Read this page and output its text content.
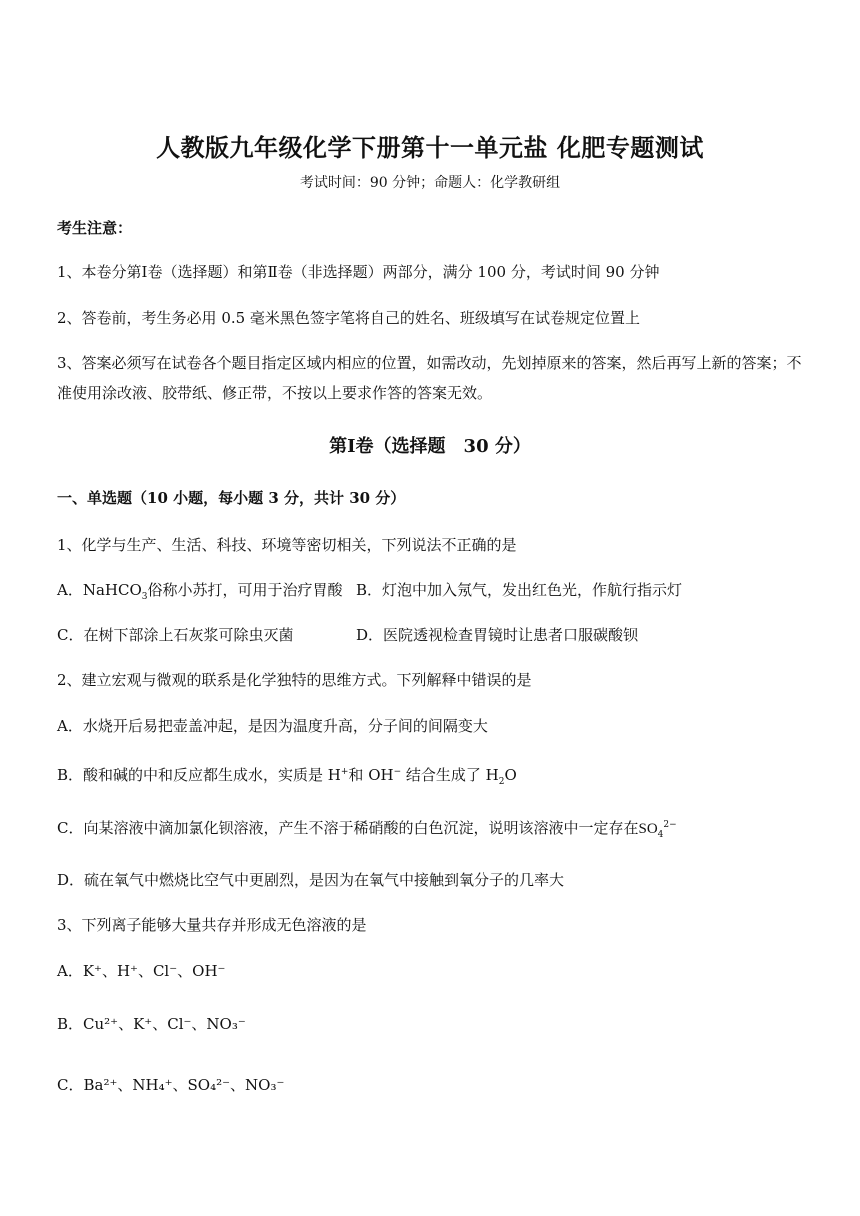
人教版九年级化学下册第十一单元盐 化肥专题测试
考试时间：90 分钟；命题人：化学教研组
考生注意：
1、本卷分第Ⅰ卷（选择题）和第Ⅱ卷（非选择题）两部分，满分 100 分，考试时间 90 分钟
2、答卷前，考生务必用 0.5 毫米黑色签字笔将自己的姓名、班级填写在试卷规定位置上
3、答案必须写在试卷各个题目指定区域内相应的位置，如需改动，先划掉原来的答案，然后再写上新的答案；不准使用涂改液、胶带纸、修正带，不按以上要求作答的答案无效。
第Ⅰ卷（选择题　30 分）
一、单选题（10 小题，每小题 3 分，共计 30 分）
1、化学与生产、生活、科技、环境等密切相关，下列说法不正确的是
A．NaHCO$_3$俗称小苏打，可用于治疗胃酸 B．灯泡中加入氖气，发出红色光，作航行指示灯
C．在树下部涂上石灰浆可除虫灭菌	D．医院透视检查胃镜时让患者口服碳酸钡
2、建立宏观与微观的联系是化学独特的思维方式。下列解释中错误的是
A．水烧开后易把壶盖冲起，是因为温度升高，分子间的间隔变大
B．酸和碱的中和反应都生成水，实质是 H+和 OH− 结合生成了 $H_2O$
C．向某溶液中滴加氯化钡溶液，产生不溶于稀硝酸的白色沉淀，说明该溶液中一定存在$SO_4^{2-}$
D．硫在氧气中燃烧比空气中更剧烈，是因为在氧气中接触到氧分子的几率大
3、下列离子能够大量共存并形成无色溶液的是
A．K⁺、H⁺、Cl⁻、OH⁻
B．Cu²⁺、K⁺、Cl⁻、NO₃⁻
C．Ba²⁺、NH₄⁺、SO₄²⁻、NO₃⁻
